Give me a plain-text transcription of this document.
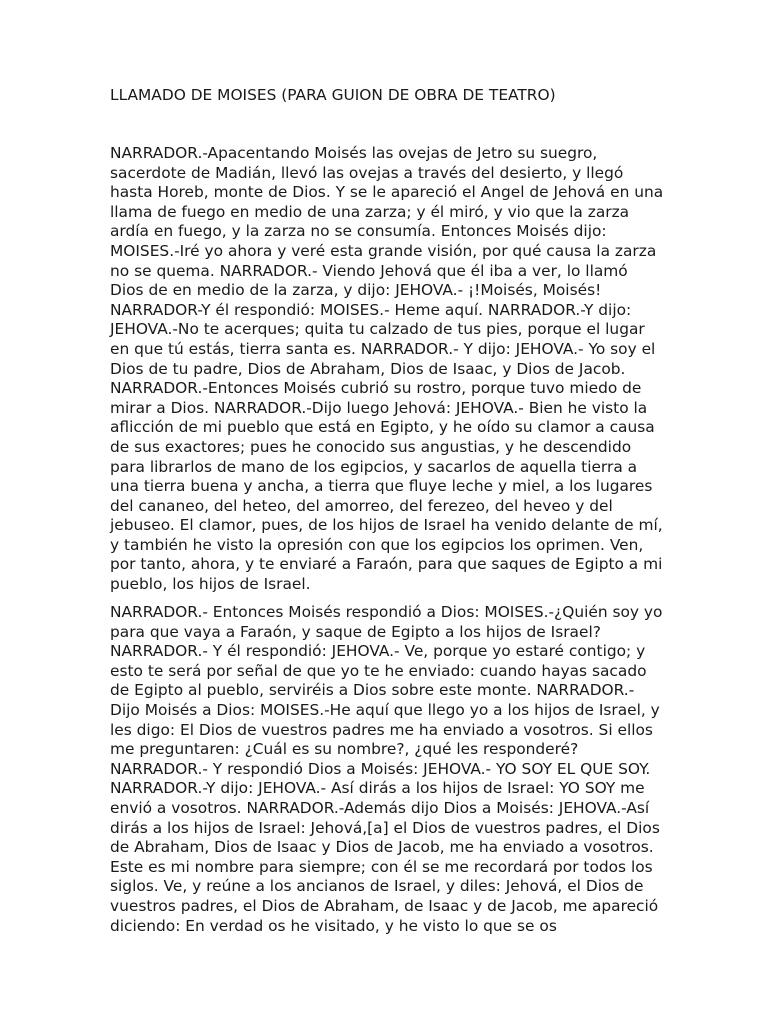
LLAMADO DE MOISES (PARA GUION DE OBRA DE TEATRO)

NARRADOR.-Apacentando Moisés las ovejas de Jetro su suegro, sacerdote de Madián, llevó las ovejas a través del desierto, y llegó hasta Horeb, monte de Dios. Y se le apareció el Angel de Jehová en una llama de fuego en medio de una zarza; y él miró, y vio que la zarza ardía en fuego, y la zarza no se consumía. Entonces Moisés dijo: MOISES.-Iré yo ahora y veré esta grande visión, por qué causa la zarza no se quema. NARRADOR.- Viendo Jehová que él iba a ver, lo llamó Dios de en medio de la zarza, y dijo: JEHOVA.- ¡!Moisés, Moisés! NARRADOR-Y él respondió: MOISES.- Heme aquí. NARRADOR.-Y dijo: JEHOVA.-No te acerques; quita tu calzado de tus pies, porque el lugar en que tú estás, tierra santa es. NARRADOR.- Y dijo: JEHOVA.- Yo soy el Dios de tu padre, Dios de Abraham, Dios de Isaac, y Dios de Jacob. NARRADOR.-Entonces Moisés cubrió su rostro, porque tuvo miedo de mirar a Dios. NARRADOR.-Dijo luego Jehová: JEHOVA.- Bien he visto la aflicción de mi pueblo que está en Egipto, y he oído su clamor a causa de sus exactores; pues he conocido sus angustias, y he descendido para librarlos de mano de los egipcios, y sacarlos de aquella tierra a una tierra buena y ancha, a tierra que fluye leche y miel, a los lugares del cananeo, del heteo, del amorreo, del ferezeo, del heveo y del jebuseo. El clamor, pues, de los hijos de Israel ha venido delante de mí, y también he visto la opresión con que los egipcios los oprimen. Ven, por tanto, ahora, y te enviaré a Faraón, para que saques de Egipto a mi pueblo, los hijos de Israel.

NARRADOR.- Entonces Moisés respondió a Dios: MOISES.-¿Quién soy yo para que vaya a Faraón, y saque de Egipto a los hijos de Israel? NARRADOR.- Y él respondió: JEHOVA.- Ve, porque yo estaré contigo; y esto te será por señal de que yo te he enviado: cuando hayas sacado de Egipto al pueblo, serviréis a Dios sobre este monte. NARRADOR.- Dijo Moisés a Dios: MOISES.-He aquí que llego yo a los hijos de Israel, y les digo: El Dios de vuestros padres me ha enviado a vosotros. Si ellos me preguntaren: ¿Cuál es su nombre?, ¿qué les responderé? NARRADOR.- Y respondió Dios a Moisés: JEHOVA.- YO SOY EL QUE SOY. NARRADOR.-Y dijo: JEHOVA.- Así dirás a los hijos de Israel: YO SOY me envió a vosotros. NARRADOR.-Además dijo Dios a Moisés: JEHOVA.-Así dirás a los hijos de Israel: Jehová,[a] el Dios de vuestros padres, el Dios de Abraham, Dios de Isaac y Dios de Jacob, me ha enviado a vosotros. Este es mi nombre para siempre; con él se me recordará por todos los siglos. Ve, y reúne a los ancianos de Israel, y diles: Jehová, el Dios de vuestros padres, el Dios de Abraham, de Isaac y de Jacob, me apareció diciendo: En verdad os he visitado, y he visto lo que se os
